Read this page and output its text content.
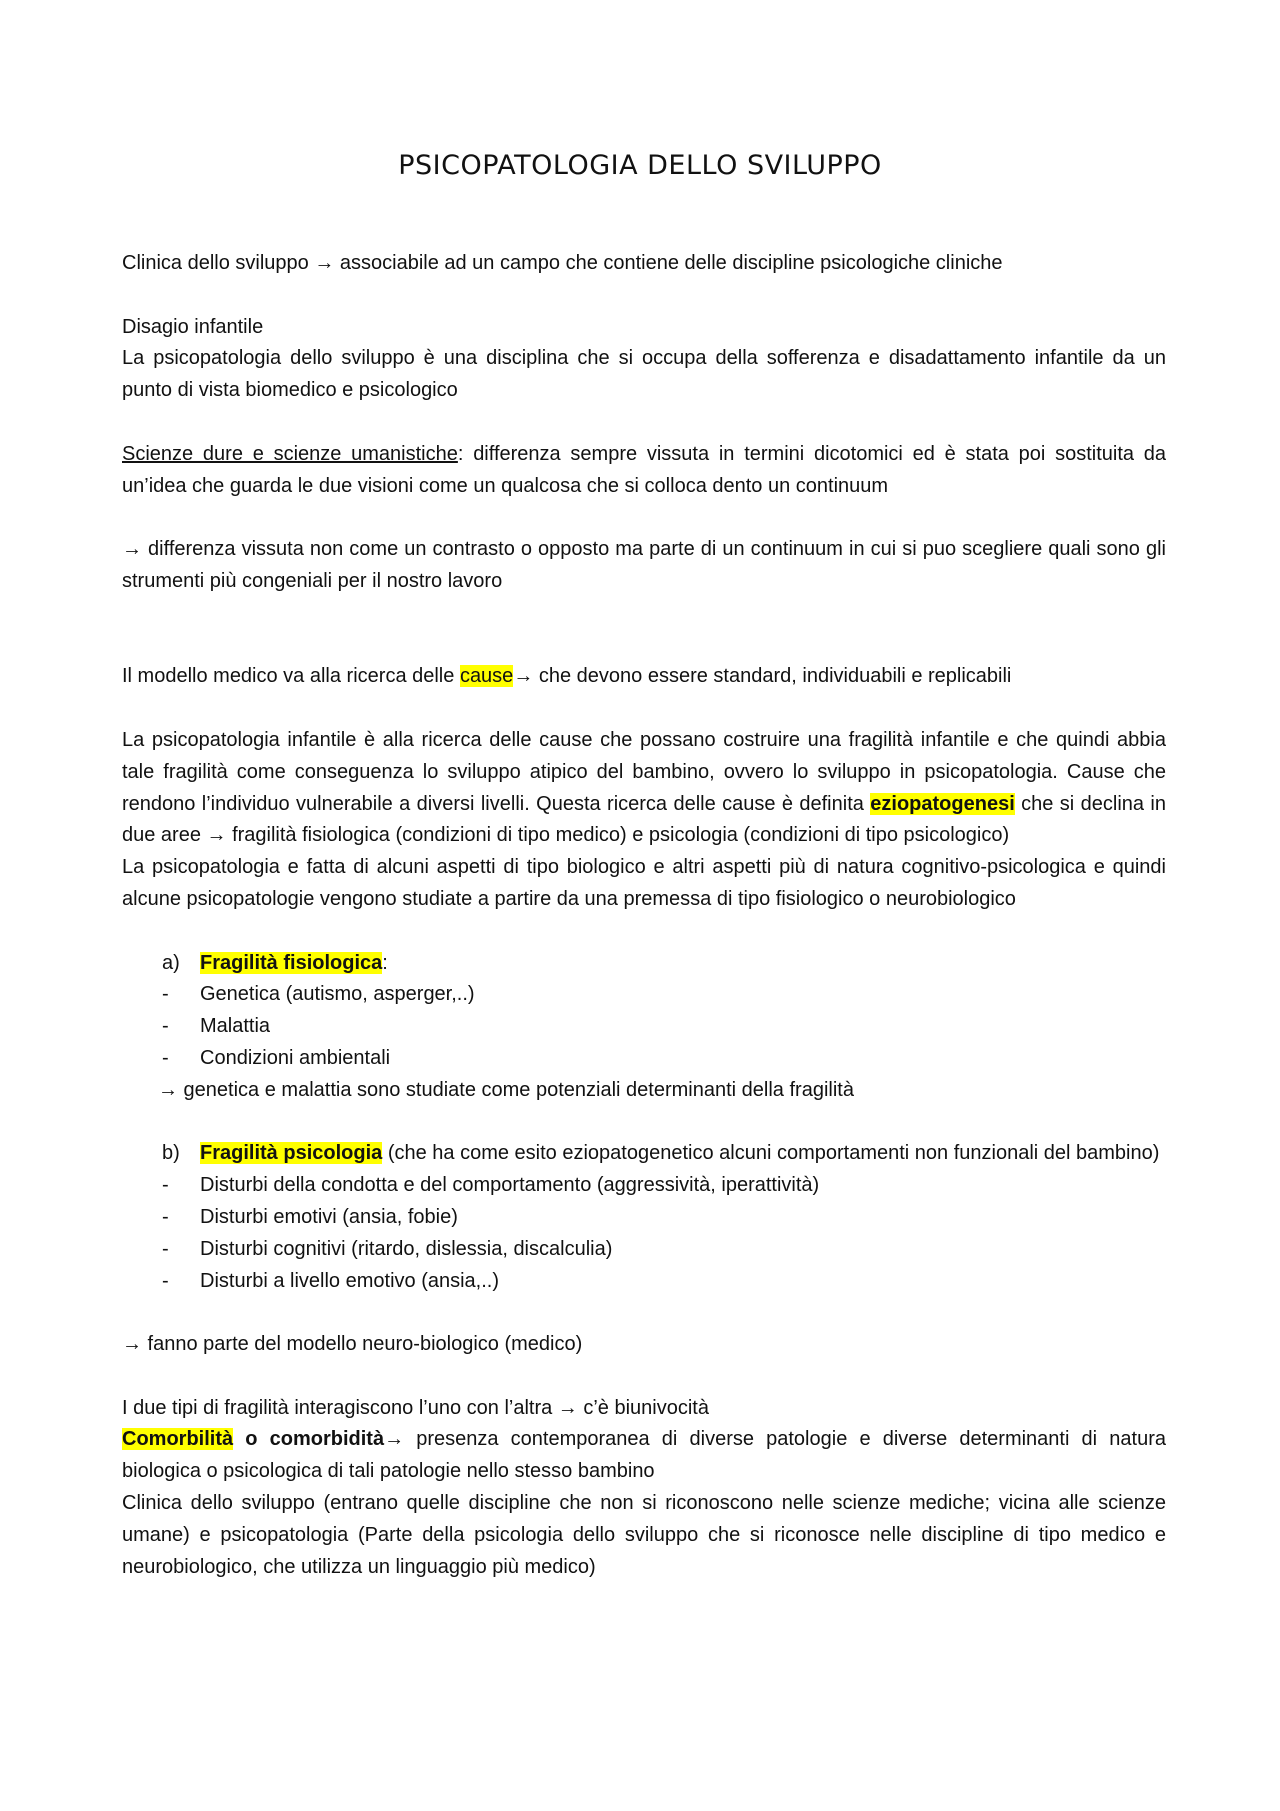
PSICOPATOLOGIA DELLO SVILUPPO

Clinica dello sviluppo → associabile ad un campo che contiene delle discipline psicologiche cliniche

Disagio infantile

La psicopatologia dello sviluppo è una disciplina che si occupa della sofferenza e disadattamento infantile da un punto di vista biomedico e psicologico

Scienze dure e scienze umanistiche: differenza sempre vissuta in termini dicotomici ed è stata poi sostituita da un’idea che guarda le due visioni come un qualcosa che si colloca dento un continuum

→ differenza vissuta non come un contrasto o opposto ma parte di un continuum in cui si puo scegliere quali sono gli strumenti più congeniali per il nostro lavoro

Il modello medico va alla ricerca delle cause→ che devono essere standard, individuabili e replicabili

La psicopatologia infantile è alla ricerca delle cause che possano costruire una fragilità infantile e che quindi abbia tale fragilità come conseguenza lo sviluppo atipico del bambino, ovvero lo sviluppo in psicopatologia. Cause che rendono l’individuo vulnerabile a diversi livelli. Questa ricerca delle cause è definita eziopatogenesi che si declina in due aree → fragilità fisiologica (condizioni di tipo medico) e psicologia (condizioni di tipo psicologico)

La psicopatologia e fatta di alcuni aspetti di tipo biologico e altri aspetti più di natura cognitivo-psicologica e quindi alcune psicopatologie vengono studiate a partire da una premessa di tipo fisiologico o neurobiologico

a)	Fragilità fisiologica:
-	Genetica (autismo, asperger,..)
-	Malattia
-	Condizioni ambientali

→ genetica e malattia sono studiate come potenziali determinanti della fragilità

b)	Fragilità psicologia (che ha come esito eziopatogenetico alcuni comportamenti non funzionali del bambino)
-	Disturbi della condotta e del comportamento (aggressività, iperattività)
-	Disturbi emotivi (ansia, fobie)
-	Disturbi cognitivi (ritardo, dislessia, discalculia)
-	Disturbi a livello emotivo (ansia,..)

→ fanno parte del modello neuro-biologico (medico)

I due tipi di fragilità interagiscono l’uno con l’altra → c’è biunivocità

Comorbilità o comorbidità→ presenza contemporanea di diverse patologie e diverse determinanti di natura biologica o psicologica di tali patologie nello stesso bambino

Clinica dello sviluppo (entrano quelle discipline che non si riconoscono nelle scienze mediche; vicina alle scienze umane) e psicopatologia (Parte della psicologia dello sviluppo che si riconosce nelle discipline di tipo medico e neurobiologico, che utilizza un linguaggio più medico)
